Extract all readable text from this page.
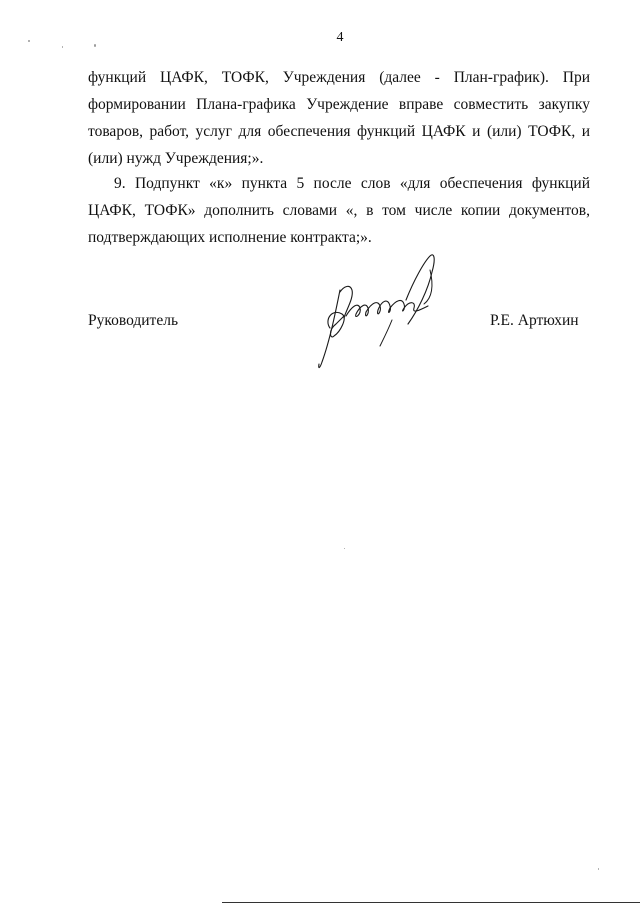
4

функций ЦАФК, ТОФК, Учреждения (далее - План-график). При формировании Плана-графика Учреждение вправе совместить закупку товаров, работ, услуг для обеспечения функций ЦАФК и (или) ТОФК, и (или) нужд Учреждения;».

9. Подпункт «к» пункта 5 после слов «для обеспечения функций ЦАФК, ТОФК» дополнить словами «, в том числе копии документов, подтверждающих исполнение контракта;».

Руководитель	Р.Е. Артюхин
